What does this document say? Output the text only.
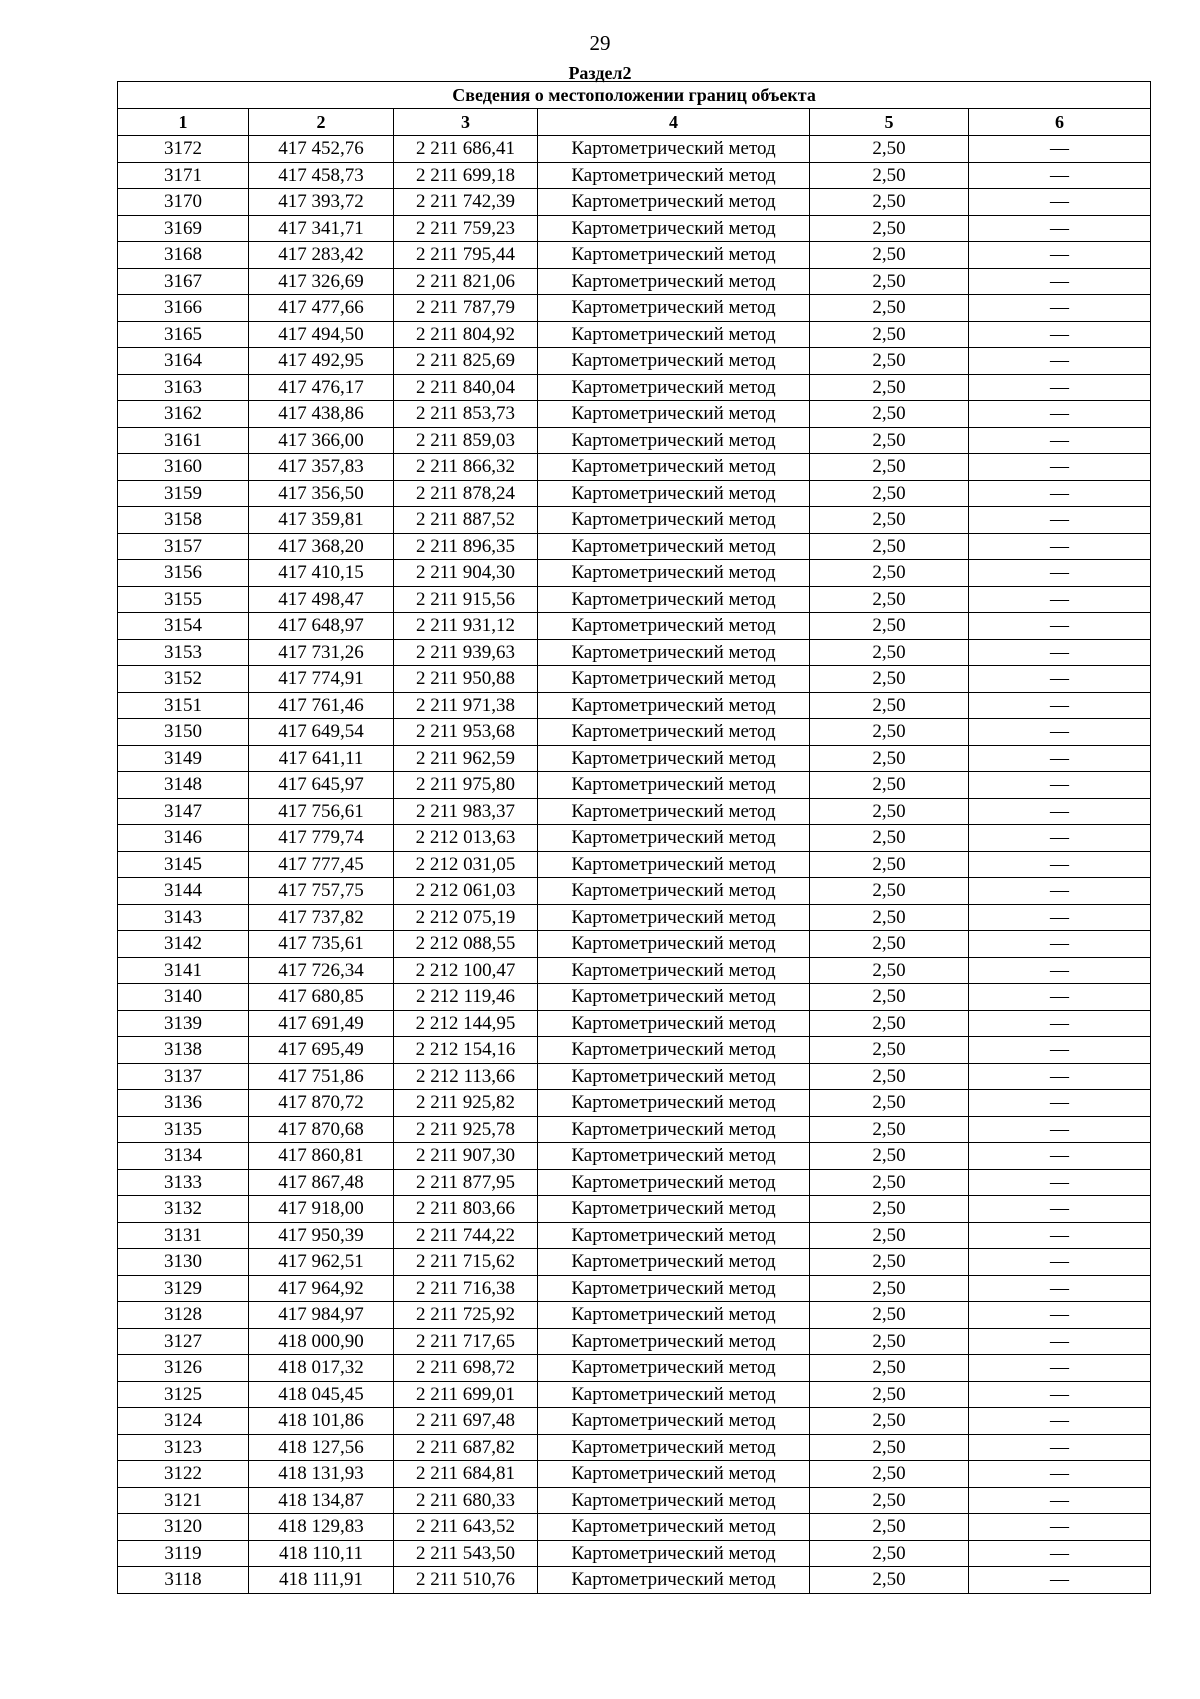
29
Раздел2
Сведения о местоположении границ объекта					
1	2	3	4	5	6
3172	417 452,76	2 211 686,41	Картометрический метод	2,50	—
3171	417 458,73	2 211 699,18	Картометрический метод	2,50	—
3170	417 393,72	2 211 742,39	Картометрический метод	2,50	—
3169	417 341,71	2 211 759,23	Картометрический метод	2,50	—
3168	417 283,42	2 211 795,44	Картометрический метод	2,50	—
3167	417 326,69	2 211 821,06	Картометрический метод	2,50	—
3166	417 477,66	2 211 787,79	Картометрический метод	2,50	—
3165	417 494,50	2 211 804,92	Картометрический метод	2,50	—
3164	417 492,95	2 211 825,69	Картометрический метод	2,50	—
3163	417 476,17	2 211 840,04	Картометрический метод	2,50	—
3162	417 438,86	2 211 853,73	Картометрический метод	2,50	—
3161	417 366,00	2 211 859,03	Картометрический метод	2,50	—
3160	417 357,83	2 211 866,32	Картометрический метод	2,50	—
3159	417 356,50	2 211 878,24	Картометрический метод	2,50	—
3158	417 359,81	2 211 887,52	Картометрический метод	2,50	—
3157	417 368,20	2 211 896,35	Картометрический метод	2,50	—
3156	417 410,15	2 211 904,30	Картометрический метод	2,50	—
3155	417 498,47	2 211 915,56	Картометрический метод	2,50	—
3154	417 648,97	2 211 931,12	Картометрический метод	2,50	—
3153	417 731,26	2 211 939,63	Картометрический метод	2,50	—
3152	417 774,91	2 211 950,88	Картометрический метод	2,50	—
3151	417 761,46	2 211 971,38	Картометрический метод	2,50	—
3150	417 649,54	2 211 953,68	Картометрический метод	2,50	—
3149	417 641,11	2 211 962,59	Картометрический метод	2,50	—
3148	417 645,97	2 211 975,80	Картометрический метод	2,50	—
3147	417 756,61	2 211 983,37	Картометрический метод	2,50	—
3146	417 779,74	2 212 013,63	Картометрический метод	2,50	—
3145	417 777,45	2 212 031,05	Картометрический метод	2,50	—
3144	417 757,75	2 212 061,03	Картометрический метод	2,50	—
3143	417 737,82	2 212 075,19	Картометрический метод	2,50	—
3142	417 735,61	2 212 088,55	Картометрический метод	2,50	—
3141	417 726,34	2 212 100,47	Картометрический метод	2,50	—
3140	417 680,85	2 212 119,46	Картометрический метод	2,50	—
3139	417 691,49	2 212 144,95	Картометрический метод	2,50	—
3138	417 695,49	2 212 154,16	Картометрический метод	2,50	—
3137	417 751,86	2 212 113,66	Картометрический метод	2,50	—
3136	417 870,72	2 211 925,82	Картометрический метод	2,50	—
3135	417 870,68	2 211 925,78	Картометрический метод	2,50	—
3134	417 860,81	2 211 907,30	Картометрический метод	2,50	—
3133	417 867,48	2 211 877,95	Картометрический метод	2,50	—
3132	417 918,00	2 211 803,66	Картометрический метод	2,50	—
3131	417 950,39	2 211 744,22	Картометрический метод	2,50	—
3130	417 962,51	2 211 715,62	Картометрический метод	2,50	—
3129	417 964,92	2 211 716,38	Картометрический метод	2,50	—
3128	417 984,97	2 211 725,92	Картометрический метод	2,50	—
3127	418 000,90	2 211 717,65	Картометрический метод	2,50	—
3126	418 017,32	2 211 698,72	Картометрический метод	2,50	—
3125	418 045,45	2 211 699,01	Картометрический метод	2,50	—
3124	418 101,86	2 211 697,48	Картометрический метод	2,50	—
3123	418 127,56	2 211 687,82	Картометрический метод	2,50	—
3122	418 131,93	2 211 684,81	Картометрический метод	2,50	—
3121	418 134,87	2 211 680,33	Картометрический метод	2,50	—
3120	418 129,83	2 211 643,52	Картометрический метод	2,50	—
3119	418 110,11	2 211 543,50	Картометрический метод	2,50	—
3118	418 111,91	2 211 510,76	Картометрический метод	2,50	—
